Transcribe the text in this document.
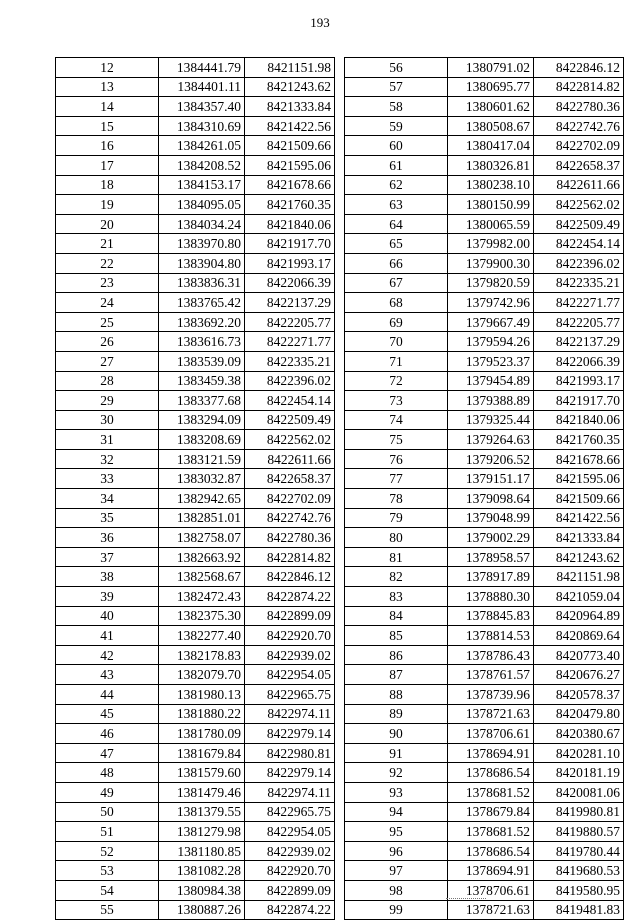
193
12	1384441.79	8421151.98
13	1384401.11	8421243.62
14	1384357.40	8421333.84
15	1384310.69	8421422.56
16	1384261.05	8421509.66
17	1384208.52	8421595.06
18	1384153.17	8421678.66
19	1384095.05	8421760.35
20	1384034.24	8421840.06
21	1383970.80	8421917.70
22	1383904.80	8421993.17
23	1383836.31	8422066.39
24	1383765.42	8422137.29
25	1383692.20	8422205.77
26	1383616.73	8422271.77
27	1383539.09	8422335.21
28	1383459.38	8422396.02
29	1383377.68	8422454.14
30	1383294.09	8422509.49
31	1383208.69	8422562.02
32	1383121.59	8422611.66
33	1383032.87	8422658.37
34	1382942.65	8422702.09
35	1382851.01	8422742.76
36	1382758.07	8422780.36
37	1382663.92	8422814.82
38	1382568.67	8422846.12
39	1382472.43	8422874.22
40	1382375.30	8422899.09
41	1382277.40	8422920.70
42	1382178.83	8422939.02
43	1382079.70	8422954.05
44	1381980.13	8422965.75
45	1381880.22	8422974.11
46	1381780.09	8422979.14
47	1381679.84	8422980.81
48	1381579.60	8422979.14
49	1381479.46	8422974.11
50	1381379.55	8422965.75
51	1381279.98	8422954.05
52	1381180.85	8422939.02
53	1381082.28	8422920.70
54	1380984.38	8422899.09
55	1380887.26	8422874.22
56	1380791.02	8422846.12
57	1380695.77	8422814.82
58	1380601.62	8422780.36
59	1380508.67	8422742.76
60	1380417.04	8422702.09
61	1380326.81	8422658.37
62	1380238.10	8422611.66
63	1380150.99	8422562.02
64	1380065.59	8422509.49
65	1379982.00	8422454.14
66	1379900.30	8422396.02
67	1379820.59	8422335.21
68	1379742.96	8422271.77
69	1379667.49	8422205.77
70	1379594.26	8422137.29
71	1379523.37	8422066.39
72	1379454.89	8421993.17
73	1379388.89	8421917.70
74	1379325.44	8421840.06
75	1379264.63	8421760.35
76	1379206.52	8421678.66
77	1379151.17	8421595.06
78	1379098.64	8421509.66
79	1379048.99	8421422.56
80	1379002.29	8421333.84
81	1378958.57	8421243.62
82	1378917.89	8421151.98
83	1378880.30	8421059.04
84	1378845.83	8420964.89
85	1378814.53	8420869.64
86	1378786.43	8420773.40
87	1378761.57	8420676.27
88	1378739.96	8420578.37
89	1378721.63	8420479.80
90	1378706.61	8420380.67
91	1378694.91	8420281.10
92	1378686.54	8420181.19
93	1378681.52	8420081.06
94	1378679.84	8419980.81
95	1378681.52	8419880.57
96	1378686.54	8419780.44
97	1378694.91	8419680.53
98	1378706.61	8419580.95
99	1378721.63	8419481.83
